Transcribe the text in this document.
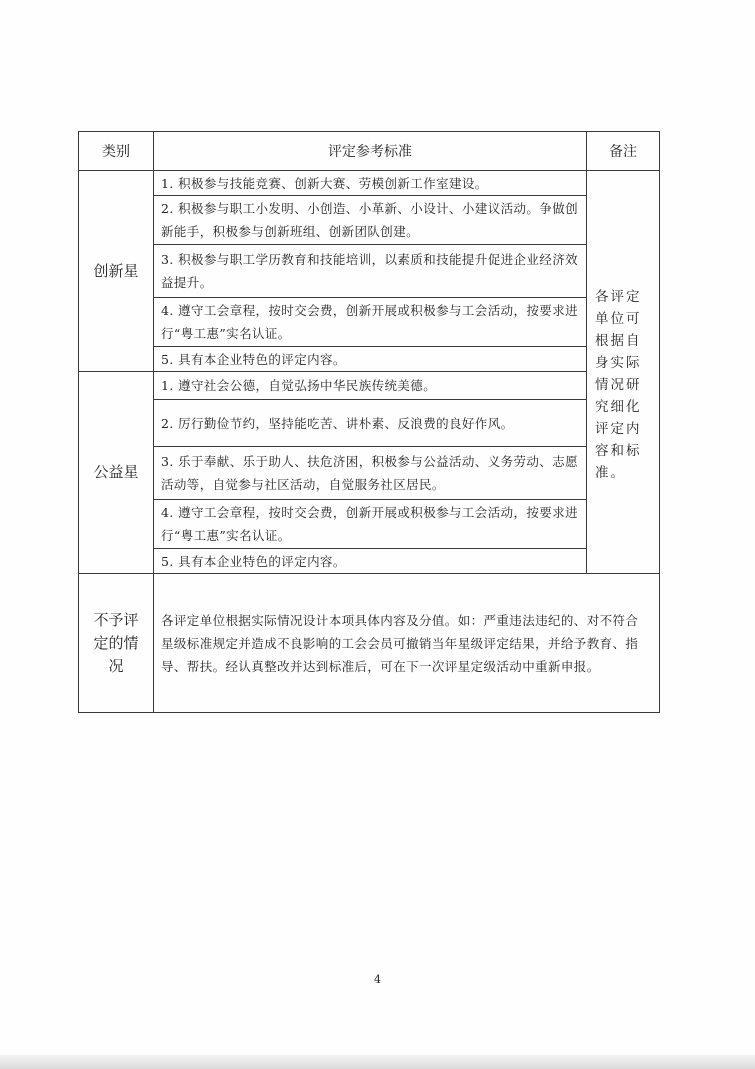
类别	评定参考标准	备注
创新星	1. 积极参与技能竞赛、创新大赛、劳模创新工作室建设。	各评定单位可根据自身实际情况研究细化评定内容和标准。

	2. 积极参与职工小发明、小创造、小革新、小设计、小建议活动。争做创新能手，积极参与创新班组、创新团队创建。	
	3. 积极参与职工学历教育和技能培训，以素质和技能提升促进企业经济效益提升。	
	4. 遵守工会章程，按时交会费，创新开展或积极参与工会活动，按要求进行“粤工惠”实名认证。	
	5. 具有本企业特色的评定内容。	
公益星	1. 遵守社会公德，自觉弘扬中华民族传统美德。	
	2. 厉行勤俭节约，坚持能吃苦、讲朴素、反浪费的良好作风。	
	3. 乐于奉献、乐于助人、扶危济困，积极参与公益活动、义务劳动、志愿活动等，自觉参与社区活动，自觉服务社区居民。	
	4. 遵守工会章程，按时交会费，创新开展或积极参与工会活动，按要求进行“粤工惠”实名认证。	
	5. 具有本企业特色的评定内容。	
不予评定的情况	各评定单位根据实际情况设计本项具体内容及分值。如：严重违法违纪的、对不符合星级标准规定并造成不良影响的工会会员可撤销当年星级评定结果，并给予教育、指导、帮扶。经认真整改并达到标准后，可在下一次评星定级活动中重新申报。	
4
